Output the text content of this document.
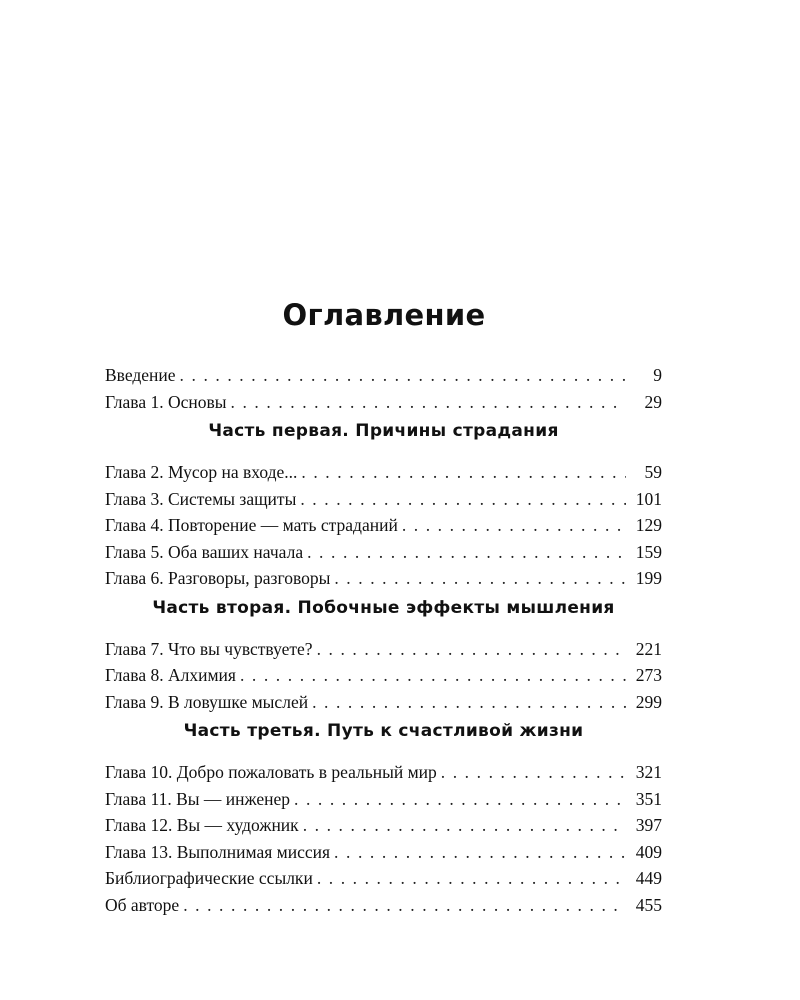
Оглавление
Введение . . .	9
Глава 1. Основы . . .	29
Часть первая. Причины страдания
Глава 2. Мусор на входе... . . .	59
Глава 3. Системы защиты . . .	101
Глава 4. Повторение — мать страданий . . .	129
Глава 5. Оба ваших начала . . .	159
Глава 6. Разговоры, разговоры . . .	199
Часть вторая. Побочные эффекты мышления
Глава 7. Что вы чувствуете? . . .	221
Глава 8. Алхимия . . .	273
Глава 9. В ловушке мыслей . . .	299
Часть третья. Путь к счастливой жизни
Глава 10. Добро пожаловать в реальный мир . . .	321
Глава 11. Вы — инженер . . .	351
Глава 12. Вы — художник . . .	397
Глава 13. Выполнимая миссия . . .	409
Библиографические ссылки . . .	449
Об авторе . . .	455
